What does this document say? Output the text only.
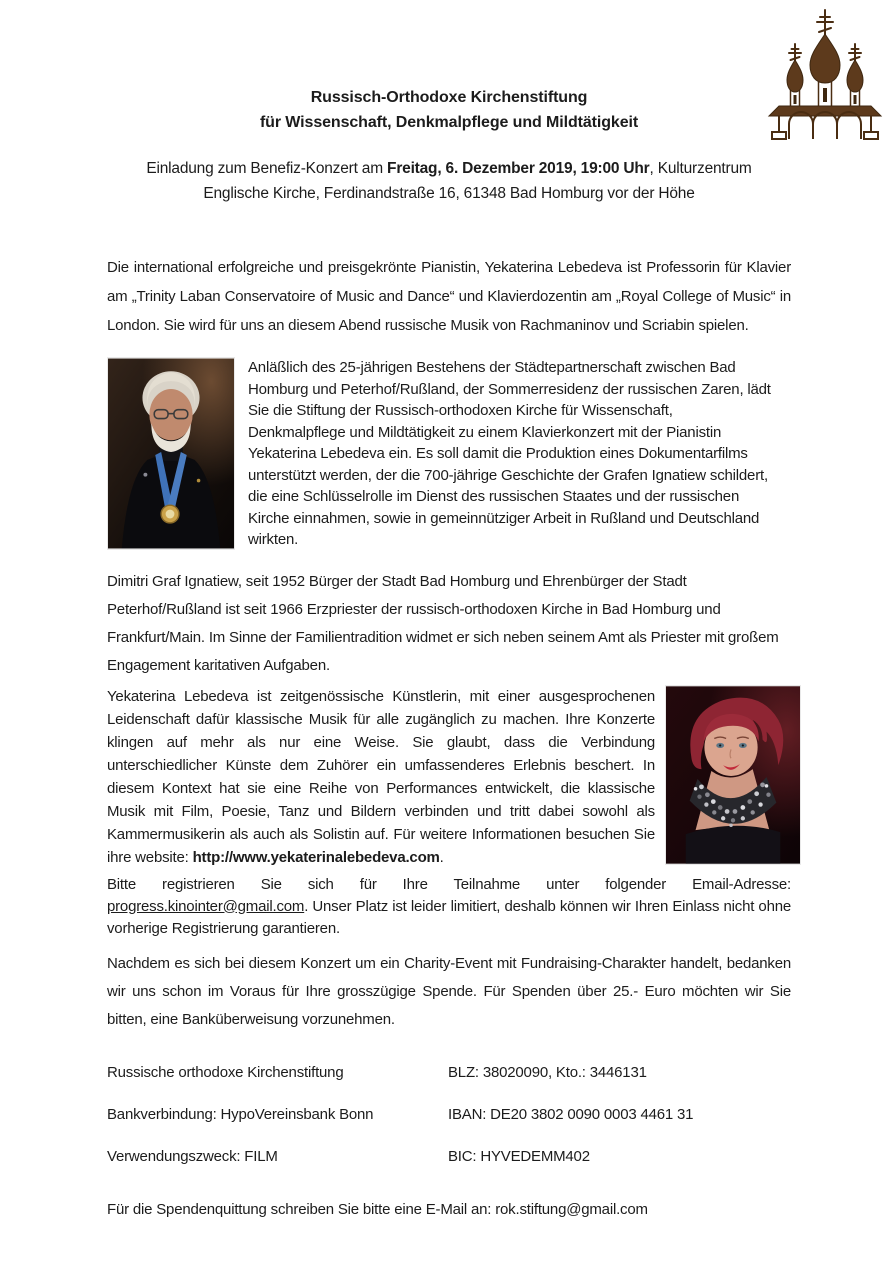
Russisch-Orthodoxe Kirchenstiftung
für Wissenschaft, Denkmalpflege und Mildtätigkeit
Einladung zum Benefiz-Konzert am Freitag, 6. Dezember 2019, 19:00 Uhr, Kulturzentrum
Englische Kirche, Ferdinandstraße 16, 61348 Bad Homburg vor der Höhe

Die international erfolgreiche und preisgekrönte Pianistin, Yekaterina Lebedeva ist Professorin für Klavier am „Trinity Laban Conservatoire of Music and Dance“ und Klavierdozentin am „Royal College of Music“ in London. Sie wird für uns an diesem Abend russische Musik von Rachmaninov und Scriabin spielen.

Anläßlich des 25-jährigen Bestehens der Städtepartnerschaft zwischen Bad Homburg und Peterhof/Rußland, der Sommerresidenz der russischen Zaren, lädt Sie die Stiftung der Russisch-orthodoxen Kirche für Wissenschaft, Denkmalpflege und Mildtätigkeit zu einem Klavierkonzert mit der Pianistin Yekaterina Lebedeva ein. Es soll damit die Produktion eines Dokumentarfilms unterstützt werden, der die 700-jährige Geschichte der Grafen Ignatiew schildert, die eine Schlüsselrolle im Dienst des russischen Staates und der russischen Kirche einnahmen, sowie in gemeinnütziger Arbeit in Rußland und Deutschland wirkten.

Dimitri Graf Ignatiew, seit 1952 Bürger der Stadt Bad Homburg und Ehrenbürger der Stadt Peterhof/Rußland ist seit 1966 Erzpriester der russisch-orthodoxen Kirche in Bad Homburg und Frankfurt/Main. Im Sinne der Familientradition widmet er sich neben seinem Amt als Priester mit großem Engagement karitativen Aufgaben.

Yekaterina Lebedeva ist zeitgenössische Künstlerin, mit einer ausgesprochenen Leidenschaft dafür klassische Musik für alle zugänglich zu machen. Ihre Konzerte klingen auf mehr als nur eine Weise. Sie glaubt, dass die Verbindung unterschiedlicher Künste dem Zuhörer ein umfassenderes Erlebnis beschert. In diesem Kontext hat sie eine Reihe von Performances entwickelt, die klassische Musik mit Film, Poesie, Tanz und Bildern verbinden und tritt dabei sowohl als Kammermusikerin als auch als Solistin auf. Für weitere Informationen besuchen Sie ihre website: http://www.yekaterinalebedeva.com.

Bitte registrieren Sie sich für Ihre Teilnahme unter folgender Email-Adresse: progress.kinointer@gmail.com. Unser Platz ist leider limitiert, deshalb können wir Ihren Einlass nicht ohne vorherige Registrierung garantieren.

Nachdem es sich bei diesem Konzert um ein Charity-Event mit Fundraising-Charakter handelt, bedanken wir uns schon im Voraus für Ihre grosszügige Spende. Für Spenden über 25.- Euro möchten wir Sie bitten, eine Banküberweisung vorzunehmen.

Russische orthodoxe Kirchenstiftung	BLZ: 38020090, Kto.: 3446131
Bankverbindung: HypoVereinsbank Bonn	IBAN: DE20 3802 0090 0003 4461 31
Verwendungszweck: FILM	BIC: HYVEDEMM402

Für die Spendenquittung schreiben Sie bitte eine E-Mail an: rok.stiftung@gmail.com
